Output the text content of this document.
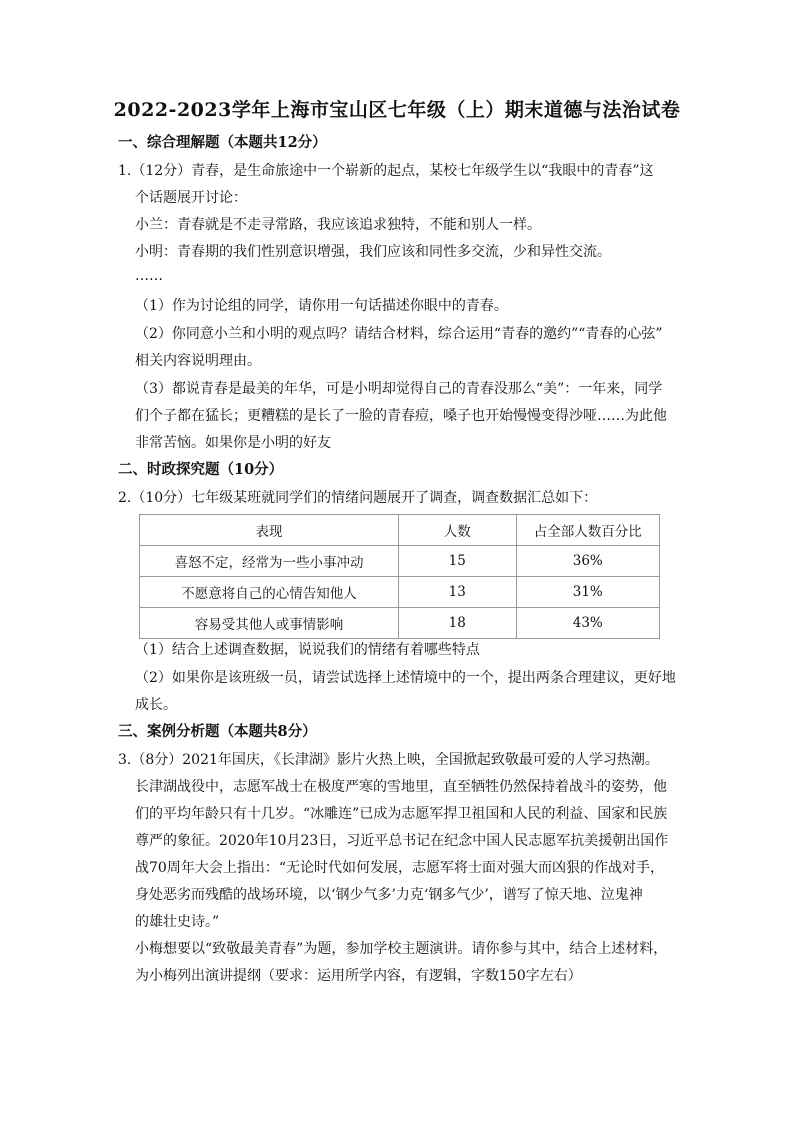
2022-2023学年上海市宝山区七年级（上）期末道德与法治试卷
一、综合理解题（本题共12分）
1.（12分）青春，是生命旅途中一个崭新的起点，某校七年级学生以“我眼中的青春”这
个话题展开讨论：
小兰：青春就是不走寻常路，我应该追求独特，不能和别人一样。
小明：青春期的我们性别意识增强，我们应该和同性多交流，少和异性交流。
……
（1）作为讨论组的同学，请你用一句话描述你眼中的青春。
（2）你同意小兰和小明的观点吗？请结合材料，综合运用“青春的邀约”“青春的心弦”
相关内容说明理由。
（3）都说青春是最美的年华，可是小明却觉得自己的青春没那么“美”：一年来，同学
们个子都在猛长；更糟糕的是长了一脸的青春痘，嗓子也开始慢慢变得沙哑……为此他
非常苦恼。如果你是小明的好友
二、时政探究题（10分）
2.（10分）七年级某班就同学们的情绪问题展开了调查，调查数据汇总如下：
表现	人数	占全部人数百分比
喜怒不定，经常为一些小事冲动	15	36%
不愿意将自己的心情告知他人	13	31%
容易受其他人或事情影响	18	43%
（1）结合上述调查数据，说说我们的情绪有着哪些特点
（2）如果你是该班级一员，请尝试选择上述情境中的一个，提出两条合理建议，更好地
成长。
三、案例分析题（本题共8分）
3.（8分）2021年国庆，《长津湖》影片火热上映，全国掀起致敬最可爱的人学习热潮。
长津湖战役中，志愿军战士在极度严寒的雪地里，直至牺牲仍然保持着战斗的姿势，他
们的平均年龄只有十几岁。“冰雕连”已成为志愿军捍卫祖国和人民的利益、国家和民族
尊严的象征。2020年10月23日，习近平总书记在纪念中国人民志愿军抗美援朝出国作
战70周年大会上指出：“无论时代如何发展，志愿军将士面对强大而凶狠的作战对手，
身处恶劣而残酷的战场环境，以‘钢少气多’力克‘钢多气少’，谱写了惊天地、泣鬼神
的雄壮史诗。”
小梅想要以“致敬最美青春”为题，参加学校主题演讲。请你参与其中，结合上述材料，
为小梅列出演讲提纲（要求：运用所学内容，有逻辑，字数150字左右）
